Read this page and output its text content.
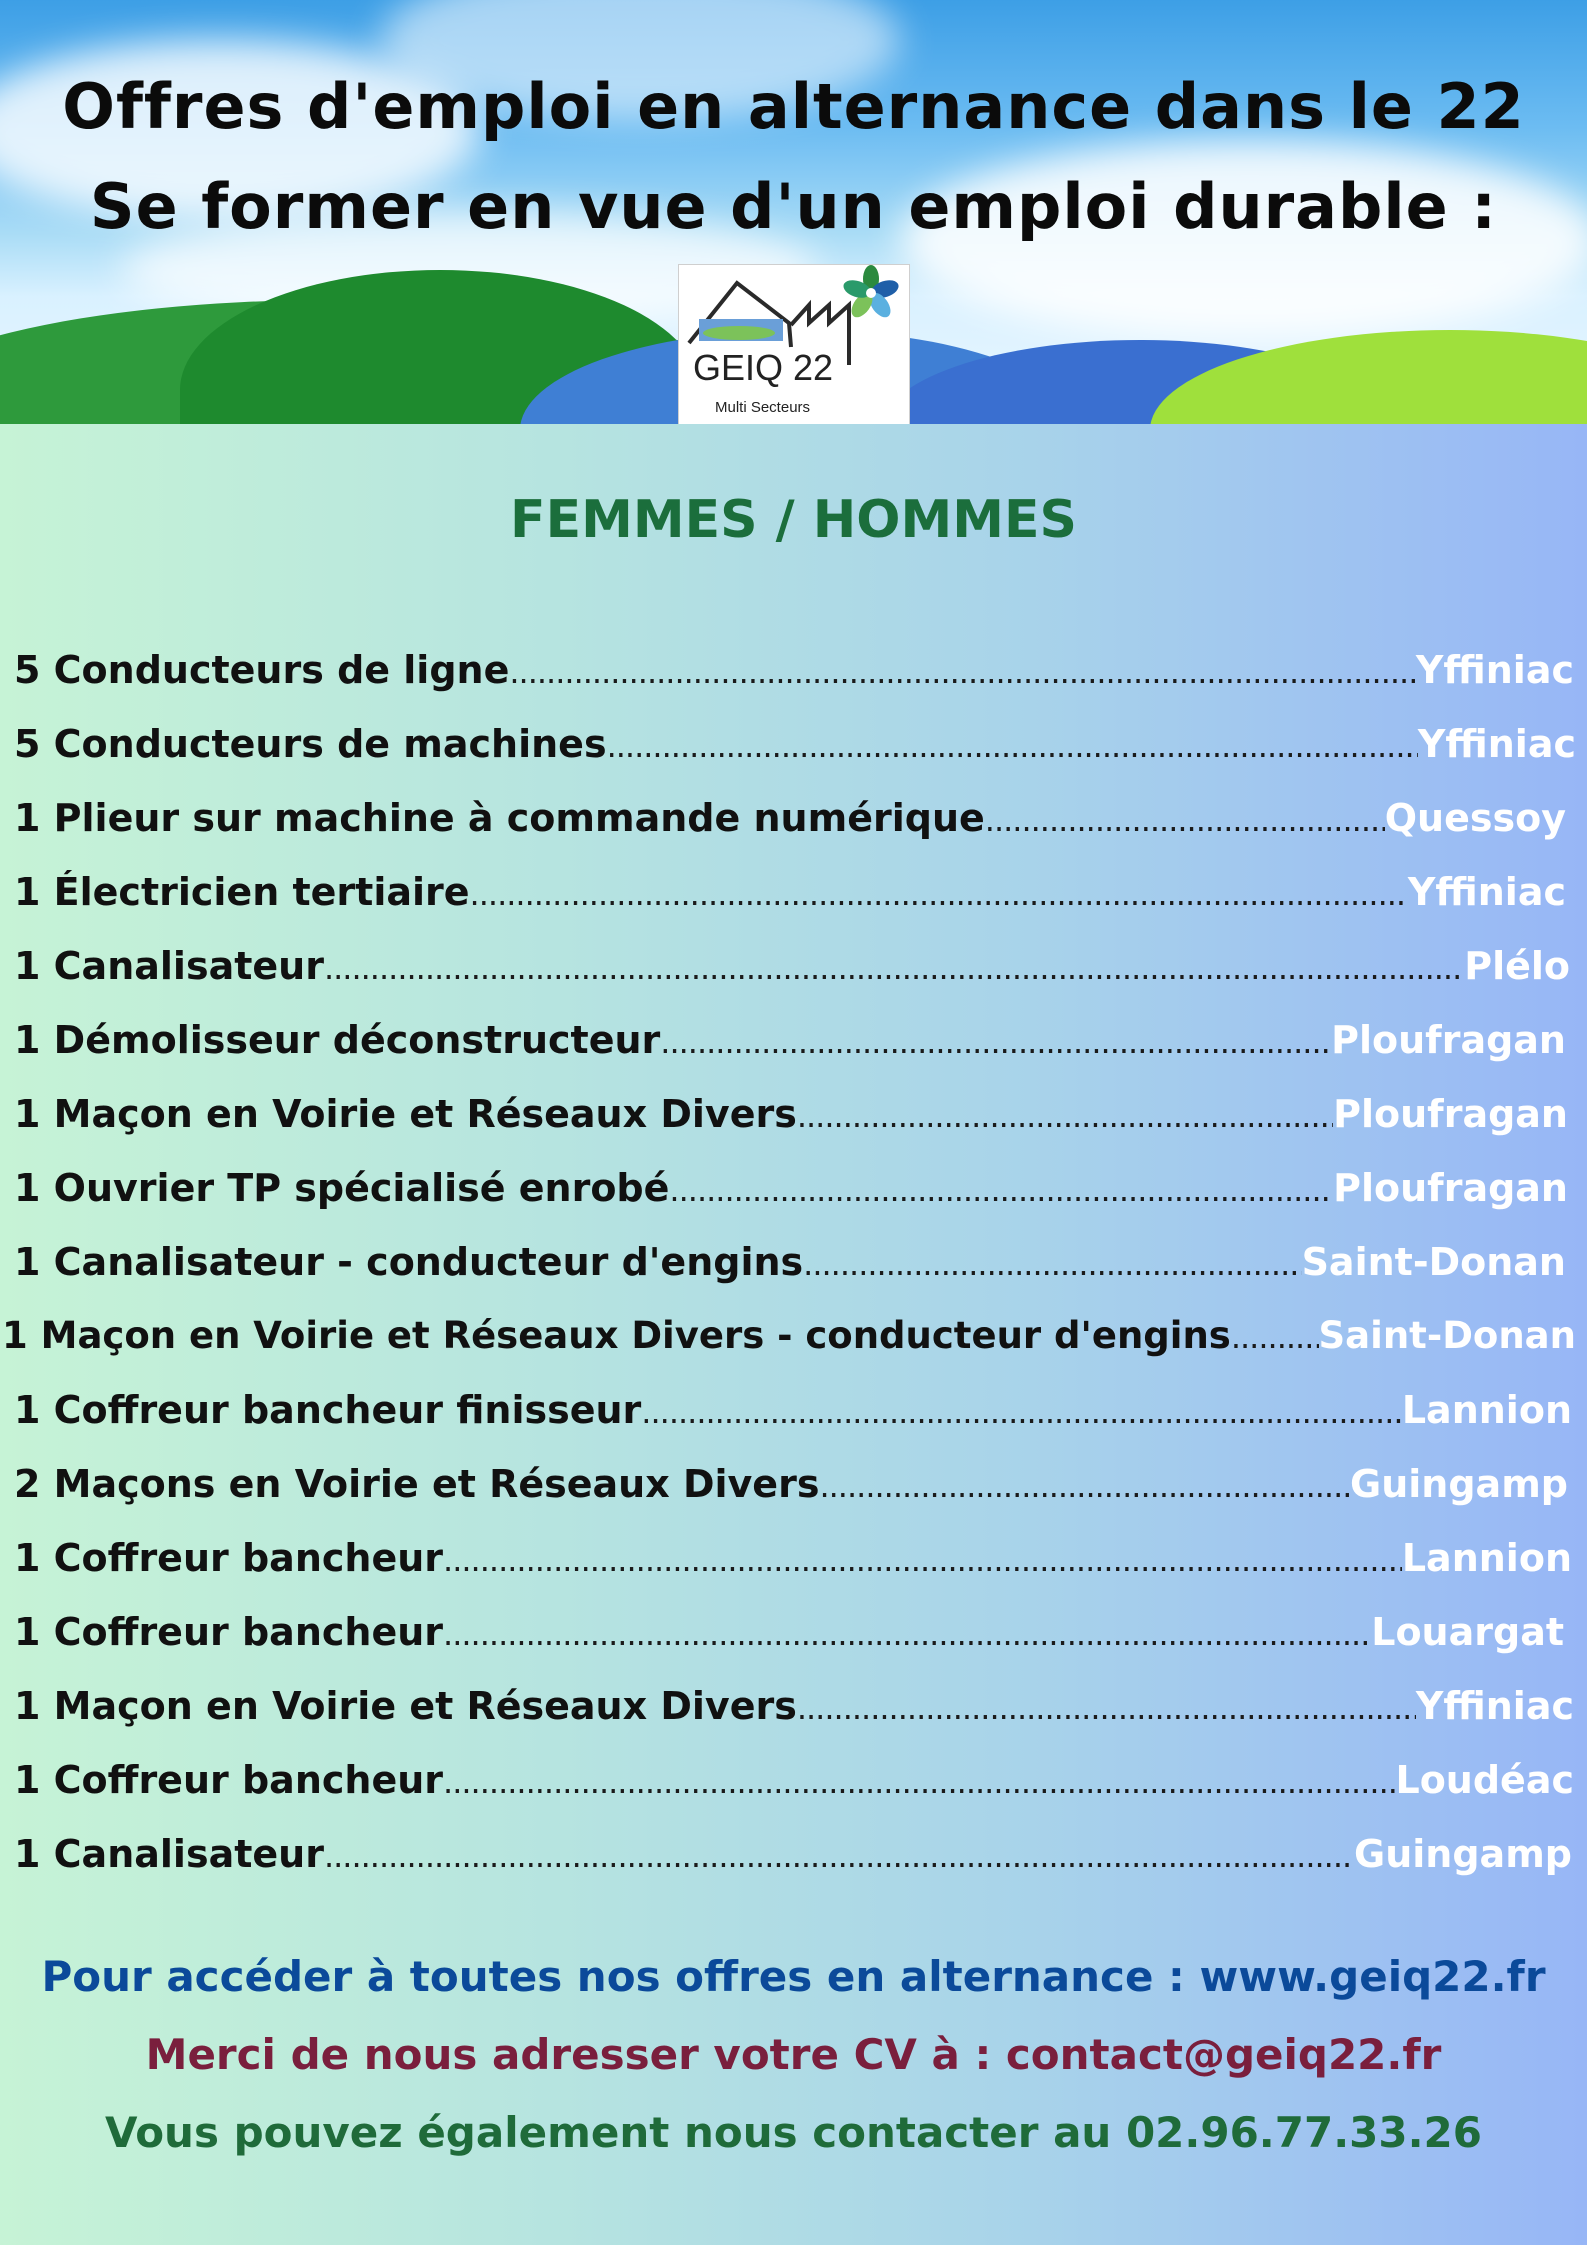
Offres d'emploi en alternance dans le 22
Se former en vue d'un emploi durable :
GEIQ 22
Multi Secteurs
FEMMES / HOMMES
5 Conducteurs de ligne .....	Yffiniac
5 Conducteurs de machines .....	Yffiniac
1 Plieur sur machine à commande numérique .....	Quessoy
1 Électricien tertiaire .....	Yffiniac
1 Canalisateur .....	Plélo
1 Démolisseur déconstructeur .....	Ploufragan
1 Maçon en Voirie et Réseaux Divers .....	Ploufragan
1 Ouvrier TP spécialisé enrobé .....	Ploufragan
1 Canalisateur - conducteur d'engins .....	Saint-Donan
1 Maçon en Voirie et Réseaux Divers - conducteur d'engins ..... Saint-Donan
1 Coffreur bancheur finisseur .....	Lannion
2 Maçons en Voirie et Réseaux Divers .....	Guingamp
1 Coffreur bancheur .....	Lannion
1 Coffreur bancheur .....	Louargat
1 Maçon en Voirie et Réseaux Divers .....	Yffiniac
1 Coffreur bancheur .....	Loudéac
1 Canalisateur .....	Guingamp

Pour accéder à toutes nos offres en alternance : www.geiq22.fr

Merci de nous adresser votre CV à : contact@geiq22.fr

Vous pouvez également nous contacter au 02.96.77.33.26
